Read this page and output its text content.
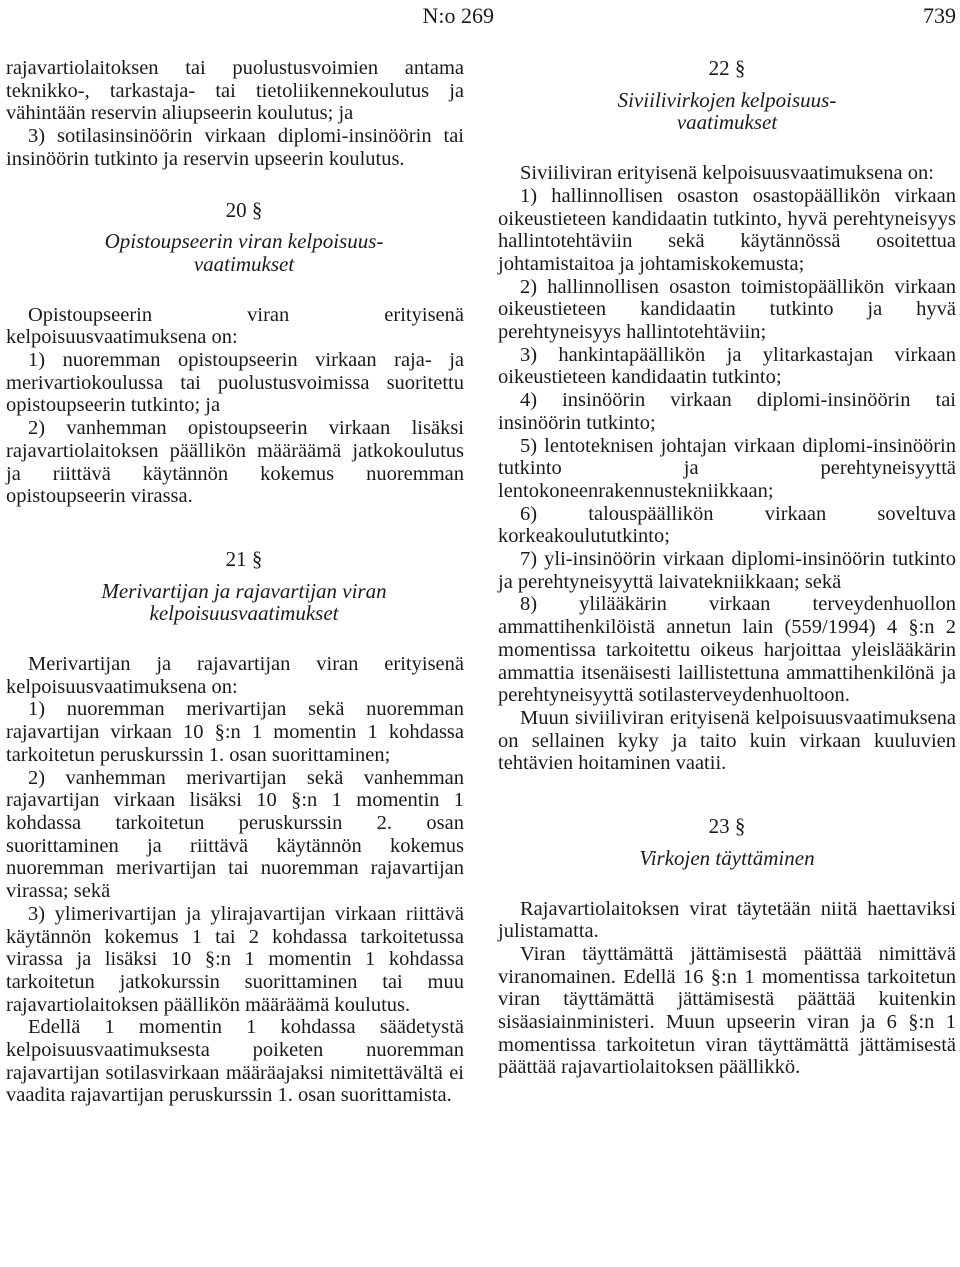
N:o 269	739

rajavartiolaitoksen tai puolustusvoimien antama teknikko-, tarkastaja- tai tietoliikennekoulutus ja vähintään reservin aliupseerin koulutus; ja

3) sotilasinsinöörin virkaan diplomi-insinöörin tai insinöörin tutkinto ja reservin upseerin koulutus.

20 §

Opistoupseerin viran kelpoisuus-
vaatimukset

Opistoupseerin viran erityisenä kelpoisuusvaatimuksena on:

1) nuoremman opistoupseerin virkaan raja- ja merivartiokoulussa tai puolustusvoimissa suoritettu opistoupseerin tutkinto; ja

2) vanhemman opistoupseerin virkaan lisäksi rajavartiolaitoksen päällikön määräämä jatkokoulutus ja riittävä käytännön kokemus nuoremman opistoupseerin virassa.

21 §

Merivartijan ja rajavartijan viran
kelpoisuusvaatimukset

Merivartijan ja rajavartijan viran erityisenä kelpoisuusvaatimuksena on:

1) nuoremman merivartijan sekä nuoremman rajavartijan virkaan 10 §:n 1 momentin 1 kohdassa tarkoitetun peruskurssin 1. osan suorittaminen;

2) vanhemman merivartijan sekä vanhemman rajavartijan virkaan lisäksi 10 §:n 1 momentin 1 kohdassa tarkoitetun peruskurssin 2. osan suorittaminen ja riittävä käytännön kokemus nuoremman merivartijan tai nuoremman rajavartijan virassa; sekä

3) ylimerivartijan ja ylirajavartijan virkaan riittävä käytännön kokemus 1 tai 2 kohdassa tarkoitetussa virassa ja lisäksi 10 §:n 1 momentin 1 kohdassa tarkoitetun jatkokurssin suorittaminen tai muu rajavartiolaitoksen päällikön määräämä koulutus.

Edellä 1 momentin 1 kohdassa säädetystä kelpoisuusvaatimuksesta poiketen nuoremman rajavartijan sotilasvirkaan määräajaksi nimitettävältä ei vaadita rajavartijan peruskurssin 1. osan suorittamista.

22 §

Siviilivirkojen kelpoisuus-
vaatimukset

Siviiliviran erityisenä kelpoisuusvaatimuksena on:

1) hallinnollisen osaston osastopäällikön virkaan oikeustieteen kandidaatin tutkinto, hyvä perehtyneisyys hallintotehtäviin sekä käytännössä osoitettua johtamistaitoa ja johtamiskokemusta;

2) hallinnollisen osaston toimistopäällikön virkaan oikeustieteen kandidaatin tutkinto ja hyvä perehtyneisyys hallintotehtäviin;

3) hankintapäällikön ja ylitarkastajan virkaan oikeustieteen kandidaatin tutkinto;

4) insinöörin virkaan diplomi-insinöörin tai insinöörin tutkinto;

5) lentoteknisen johtajan virkaan diplomi-insinöörin tutkinto ja perehtyneisyyttä lentokoneenrakennustekniikkaan;

6) talouspäällikön virkaan soveltuva korkeakoulututkinto;

7) yli-insinöörin virkaan diplomi-insinöörin tutkinto ja perehtyneisyyttä laivatekniikkaan; sekä

8) ylilääkärin virkaan terveydenhuollon ammattihenkilöistä annetun lain (559/1994) 4 §:n 2 momentissa tarkoitettu oikeus harjoittaa yleislääkärin ammattia itsenäisesti laillistettuna ammattihenkilönä ja perehtyneisyyttä sotilasterveydenhuoltoon.

Muun siviiliviran erityisenä kelpoisuusvaatimuksena on sellainen kyky ja taito kuin virkaan kuuluvien tehtävien hoitaminen vaatii.

23 §

Virkojen täyttäminen

Rajavartiolaitoksen virat täytetään niitä haettaviksi julistamatta.

Viran täyttämättä jättämisestä päättää nimittävä viranomainen. Edellä 16 §:n 1 momentissa tarkoitetun viran täyttämättä jättämisestä päättää kuitenkin sisäasiainministeri. Muun upseerin viran ja 6 §:n 1 momentissa tarkoitetun viran täyttämättä jättämisestä päättää rajavartiolaitoksen päällikkö.
